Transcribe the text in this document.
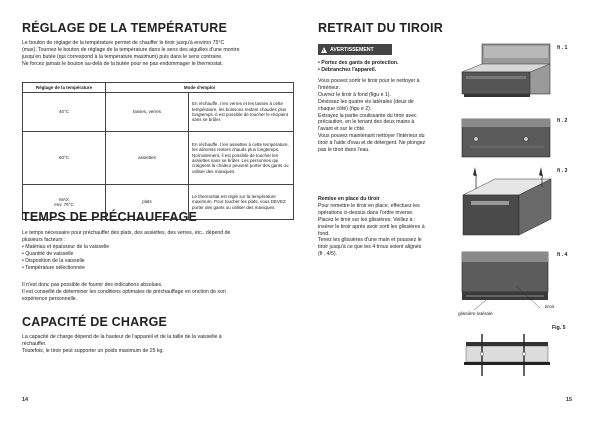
RÉGLAGE DE LA TEMPÉRATURE

Le bouton de réglage de la température permet de chauffer le tiroir jusqu'à environ 75°C

(max). Tournez le bouton de réglage de la température dans le sens des aiguilles d'une montre

jusqu'en butée (qui correspond à la température maximum) puis dans le sens contraire.

Ne forcez jamais le bouton au-delà de la butée pour ne pas endommager le thermostat.

Réglage de la température	Mode d'emploi	
40°C	tasses, verres	En réchauffe. t les verres et les tasses à cette température, les boissons restent chaudes plus longtemps. Il est possible de toucher le récipient sans se brûler.
60°C	assiettes	En réchauffe. t les assiettes à cette température, les aliments restent chauds plus longtemps. Normalement, il est possible de toucher les assiettes sans se brûler. Les personnes qui craignent la chaleur peuvent porter des gants ou utiliser des maniques.
MAX
env. 75°C	plats	Le thermostat est réglé sur la température maximum. Pour toucher les plats, vous DEVEZ porter des gants ou utiliser des maniques.
TEMPS DE PRÉCHAUFFAGE

Le temps nécessaire pour préchauffer des plats, des assiettes, des verres, etc.. dépend de

plusieurs facteurs :

• Matériau et épaisseur de la vaisselle
• Quantité de vaisselle
• Disposition de la vaisselle
• Température sélectionnée

Il n'est donc pas possible de fournir des indications absolues.

Il est conseillé de déterminer les conditions optimales de préchauffage en onction de son

expérience personnelle.

CAPACITÉ DE CHARGE

La capacité de charge dépend de la hauteur de l'appareil et de la taille de la vaisselle à

réchauffer.

Toutefois, le tiroir peut supporter un poids maximum de 25 kg.

14
RETRAIT DU TIROIR
! AVERTISSEMENT

• Portez des gants de protection.

• Débranchez l'appareil.

Vous pouvez sortir le tiroir pour le nettoyer à

l'intérieur.

Ouvrez le tiroir à fond (figu e 1).

Dévissez les quatre vis latérales (deux de

chaque côté) (figu e 2).

Extrayez la partie coulissante du tiroir avec

précaution, en le tenant des deux mains à

l'avant et sur le côté.

Vous pouvez maintenant nettoyer l'intérieur du

tiroir à l'aide d'eau et de détergent. Ne plongez

pas le tiroir dans l'eau.

Remise en place du tiroir

Pour remettre le tiroir en place, effectuez les

opérations ci-dessus dans l'ordre inverse.

Placez le tiroir sur les glissières. Veillez à :

insérer le tiroir après avoir sorti les glissières à

fond.

Tenez les glissières d'une main et poussez le

tiroir jusqu'à ce que les 4 trous soient alignés

(fi . 4/5).

fi . 1
fi . 2
fi . 3
fi . 4
Fig. 5
tiroir
glissière latérale
15
